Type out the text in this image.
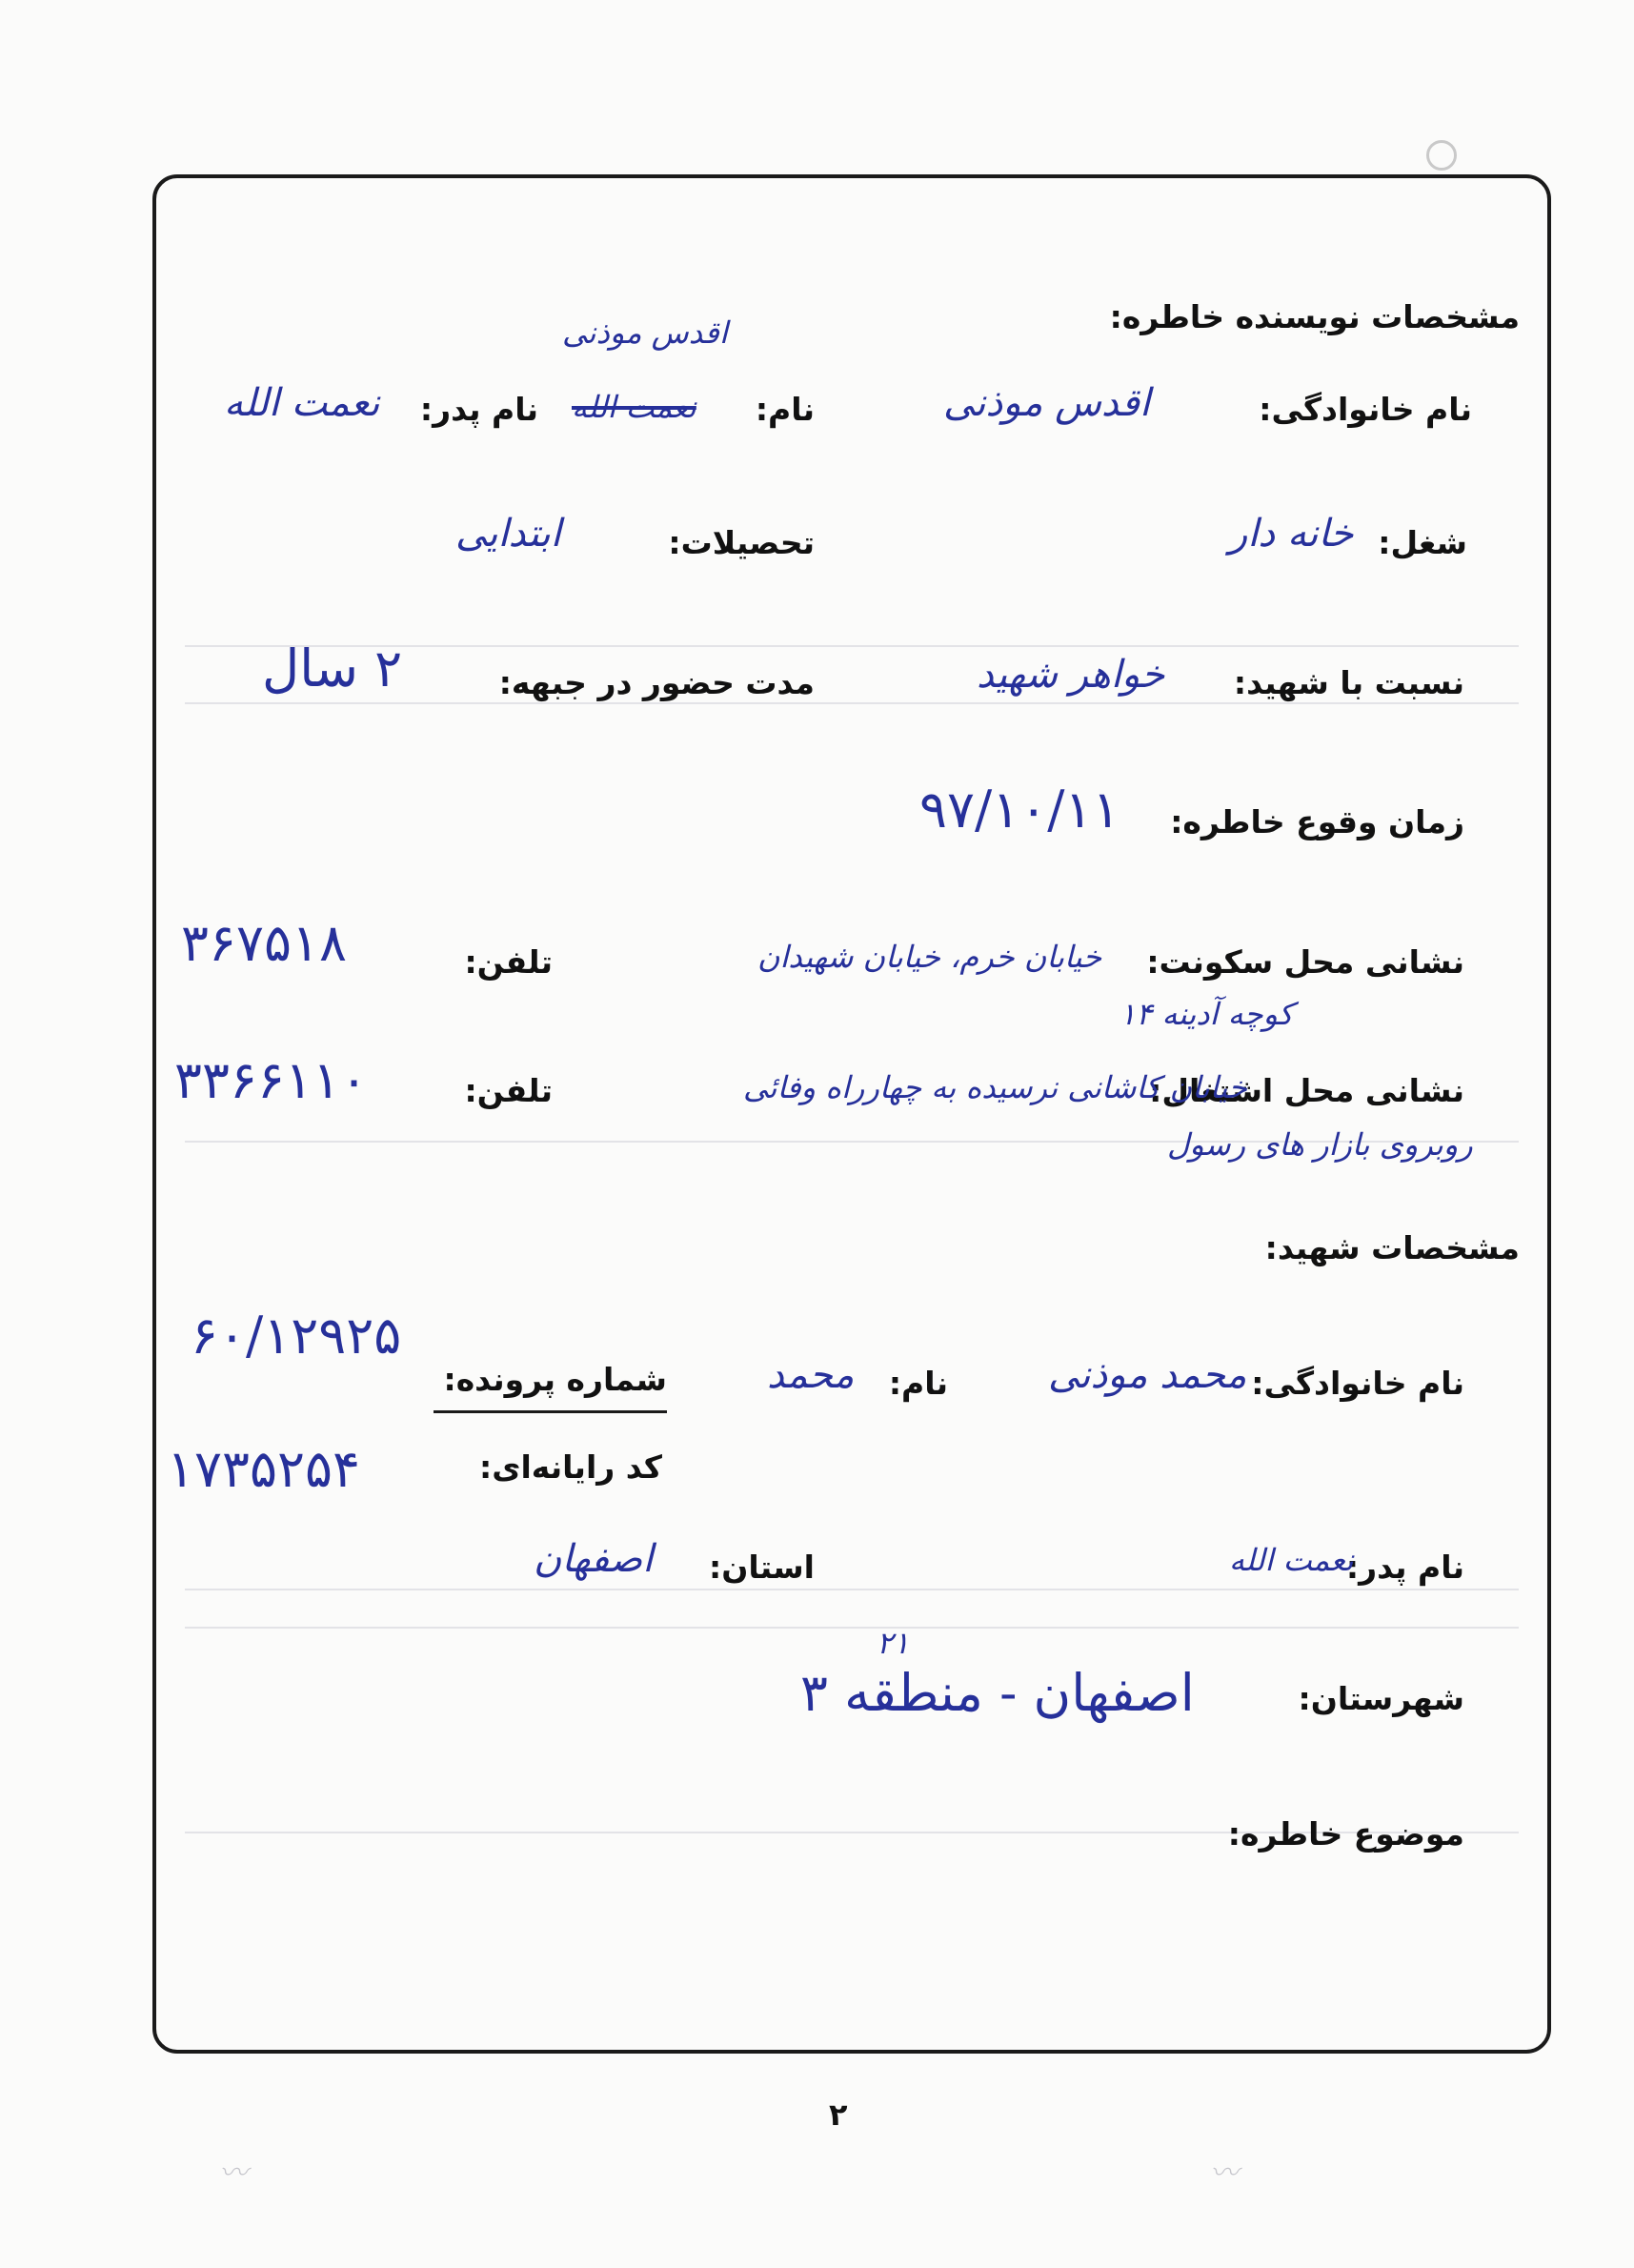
مشخصات نویسنده خاطره:
اقدس موذنی
نام خانوادگی:
اقدس موذنی
نام:
نعمت الله
نام پدر:
نعمت الله
شغل:
خانه دار
تحصیلات:
ابتدایی
نسبت با شهید:
خواهر شهید
مدت حضور در جبهه:
۲ سال
زمان وقوع خاطره:
۹۷/۱۰/۱۱
نشانی محل سکونت:
خیابان خرم، خیابان شهیدان
کوچه آدینه ۱۴
تلفن:
۳۶۷۵۱۸
نشانی محل اشتغال:
خیابان کاشانی نرسیده به چهارراه وفائی
روبروی بازار های رسول
تلفن:
۳۳۶۶۱۱۰
مشخصات شهید:
نام خانوادگی:
محمد موذنی
نام:
محمد
شماره پرونده:
۶۰/۱۲۹۲۵
کد رایانه‌ای:
۱۷۳۵۲۵۴
نام پدر:
نعمت الله
استان:
اصفهان
شهرستان:
۲۱
اصفهان - منطقه ۳
موضوع خاطره:
۲
〰︎
〰︎
